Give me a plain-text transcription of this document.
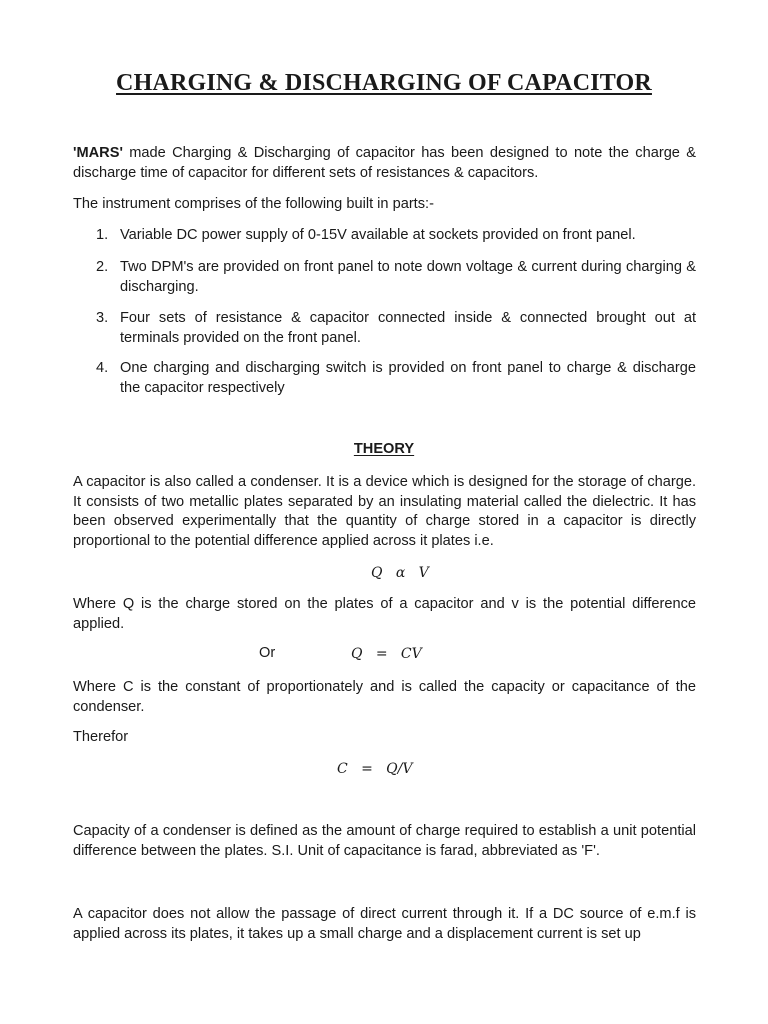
CHARGING & DISCHARGING OF CAPACITOR

'MARS' made Charging & Discharging of capacitor has been designed to note the charge & discharge time of capacitor for different sets of resistances & capacitors.

The instrument comprises of the following built in parts:-

1. Variable DC power supply of 0-15V available at sockets provided on front panel.
2. Two DPM's are provided on front panel to note down voltage & current during charging & discharging.
3. Four sets of resistance & capacitor connected inside & connected brought out at terminals provided on the front panel.
4. One charging and discharging switch is provided on front panel to charge & discharge the capacitor respectively
THEORY

A capacitor is also called a condenser. It is a device which is designed for the storage of charge. It consists of two metallic plates separated by an insulating material called the dielectric. It has been observed experimentally that the quantity of charge stored in a capacitor is directly proportional to the potential difference applied across it plates i.e.

Q   α   V

Where Q is the charge stored on the plates of a capacitor and v is the potential difference applied.

Or	Q   =   CV

Where C is the constant of proportionately and is called the capacity or capacitance of the condenser.

Therefor

C   =   Q/V

Capacity of a condenser is defined as the amount of charge required to establish a unit potential difference between the plates. S.I. Unit of capacitance is farad, abbreviated as 'F'.

A capacitor does not allow the passage of direct current through it. If a DC source of e.m.f is applied across its plates, it takes up a small charge and a displacement current is set up
